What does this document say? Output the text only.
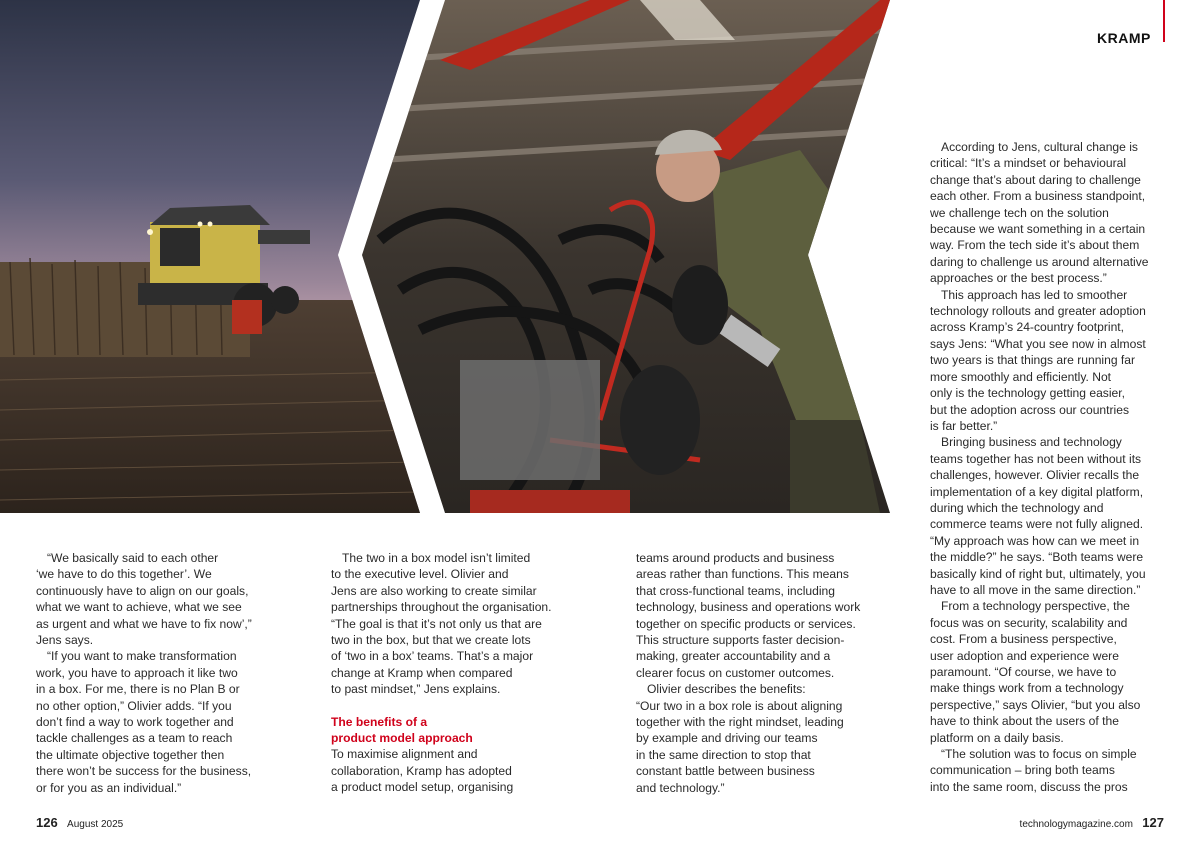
KRAMP

“We basically said to each other
‘we have to do this together’. We
continuously have to align on our goals,
what we want to achieve, what we see
as urgent and what we have to fix now’,”
Jens says.

“If you want to make transformation
work, you have to approach it like two
in a box. For me, there is no Plan B or
no other option,” Olivier adds. “If you
don’t find a way to work together and
tackle challenges as a team to reach
the ultimate objective together then
there won’t be success for the business,
or for you as an individual.”

The two in a box model isn’t limited
to the executive level. Olivier and
Jens are also working to create similar
partnerships throughout the organisation.
“The goal is that it’s not only us that are
two in the box, but that we create lots
of ‘two in a box’ teams. That’s a major
change at Kramp when compared
to past mindset,” Jens explains.

The benefits of a
product model approach

To maximise alignment and
collaboration, Kramp has adopted
a product model setup, organising

teams around products and business
areas rather than functions. This means
that cross-functional teams, including
technology, business and operations work
together on specific products or services.
This structure supports faster decision-
making, greater accountability and a
clearer focus on customer outcomes.

Olivier describes the benefits:
“Our two in a box role is about aligning
together with the right mindset, leading
by example and driving our teams
in the same direction to stop that
constant battle between business
and technology.”

According to Jens, cultural change is
critical: “It’s a mindset or behavioural
change that’s about daring to challenge
each other. From a business standpoint,
we challenge tech on the solution
because we want something in a certain
way. From the tech side it’s about them
daring to challenge us around alternative
approaches or the best process.”

This approach has led to smoother
technology rollouts and greater adoption
across Kramp’s 24-country footprint,
says Jens: “What you see now in almost
two years is that things are running far
more smoothly and efficiently. Not
only is the technology getting easier,
but the adoption across our countries
is far better.”

Bringing business and technology
teams together has not been without its
challenges, however. Olivier recalls the
implementation of a key digital platform,
during which the technology and
commerce teams were not fully aligned.
“My approach was how can we meet in
the middle?” he says. “Both teams were
basically kind of right but, ultimately, you
have to all move in the same direction.”

From a technology perspective, the
focus was on security, scalability and
cost. From a business perspective,
user adoption and experience were
paramount. “Of course, we have to
make things work from a technology
perspective,” says Olivier, “but you also
have to think about the users of the
platform on a daily basis.

“The solution was to focus on simple
communication – bring both teams
into the same room, discuss the pros

126 August 2025	technologymagazine.com 127
